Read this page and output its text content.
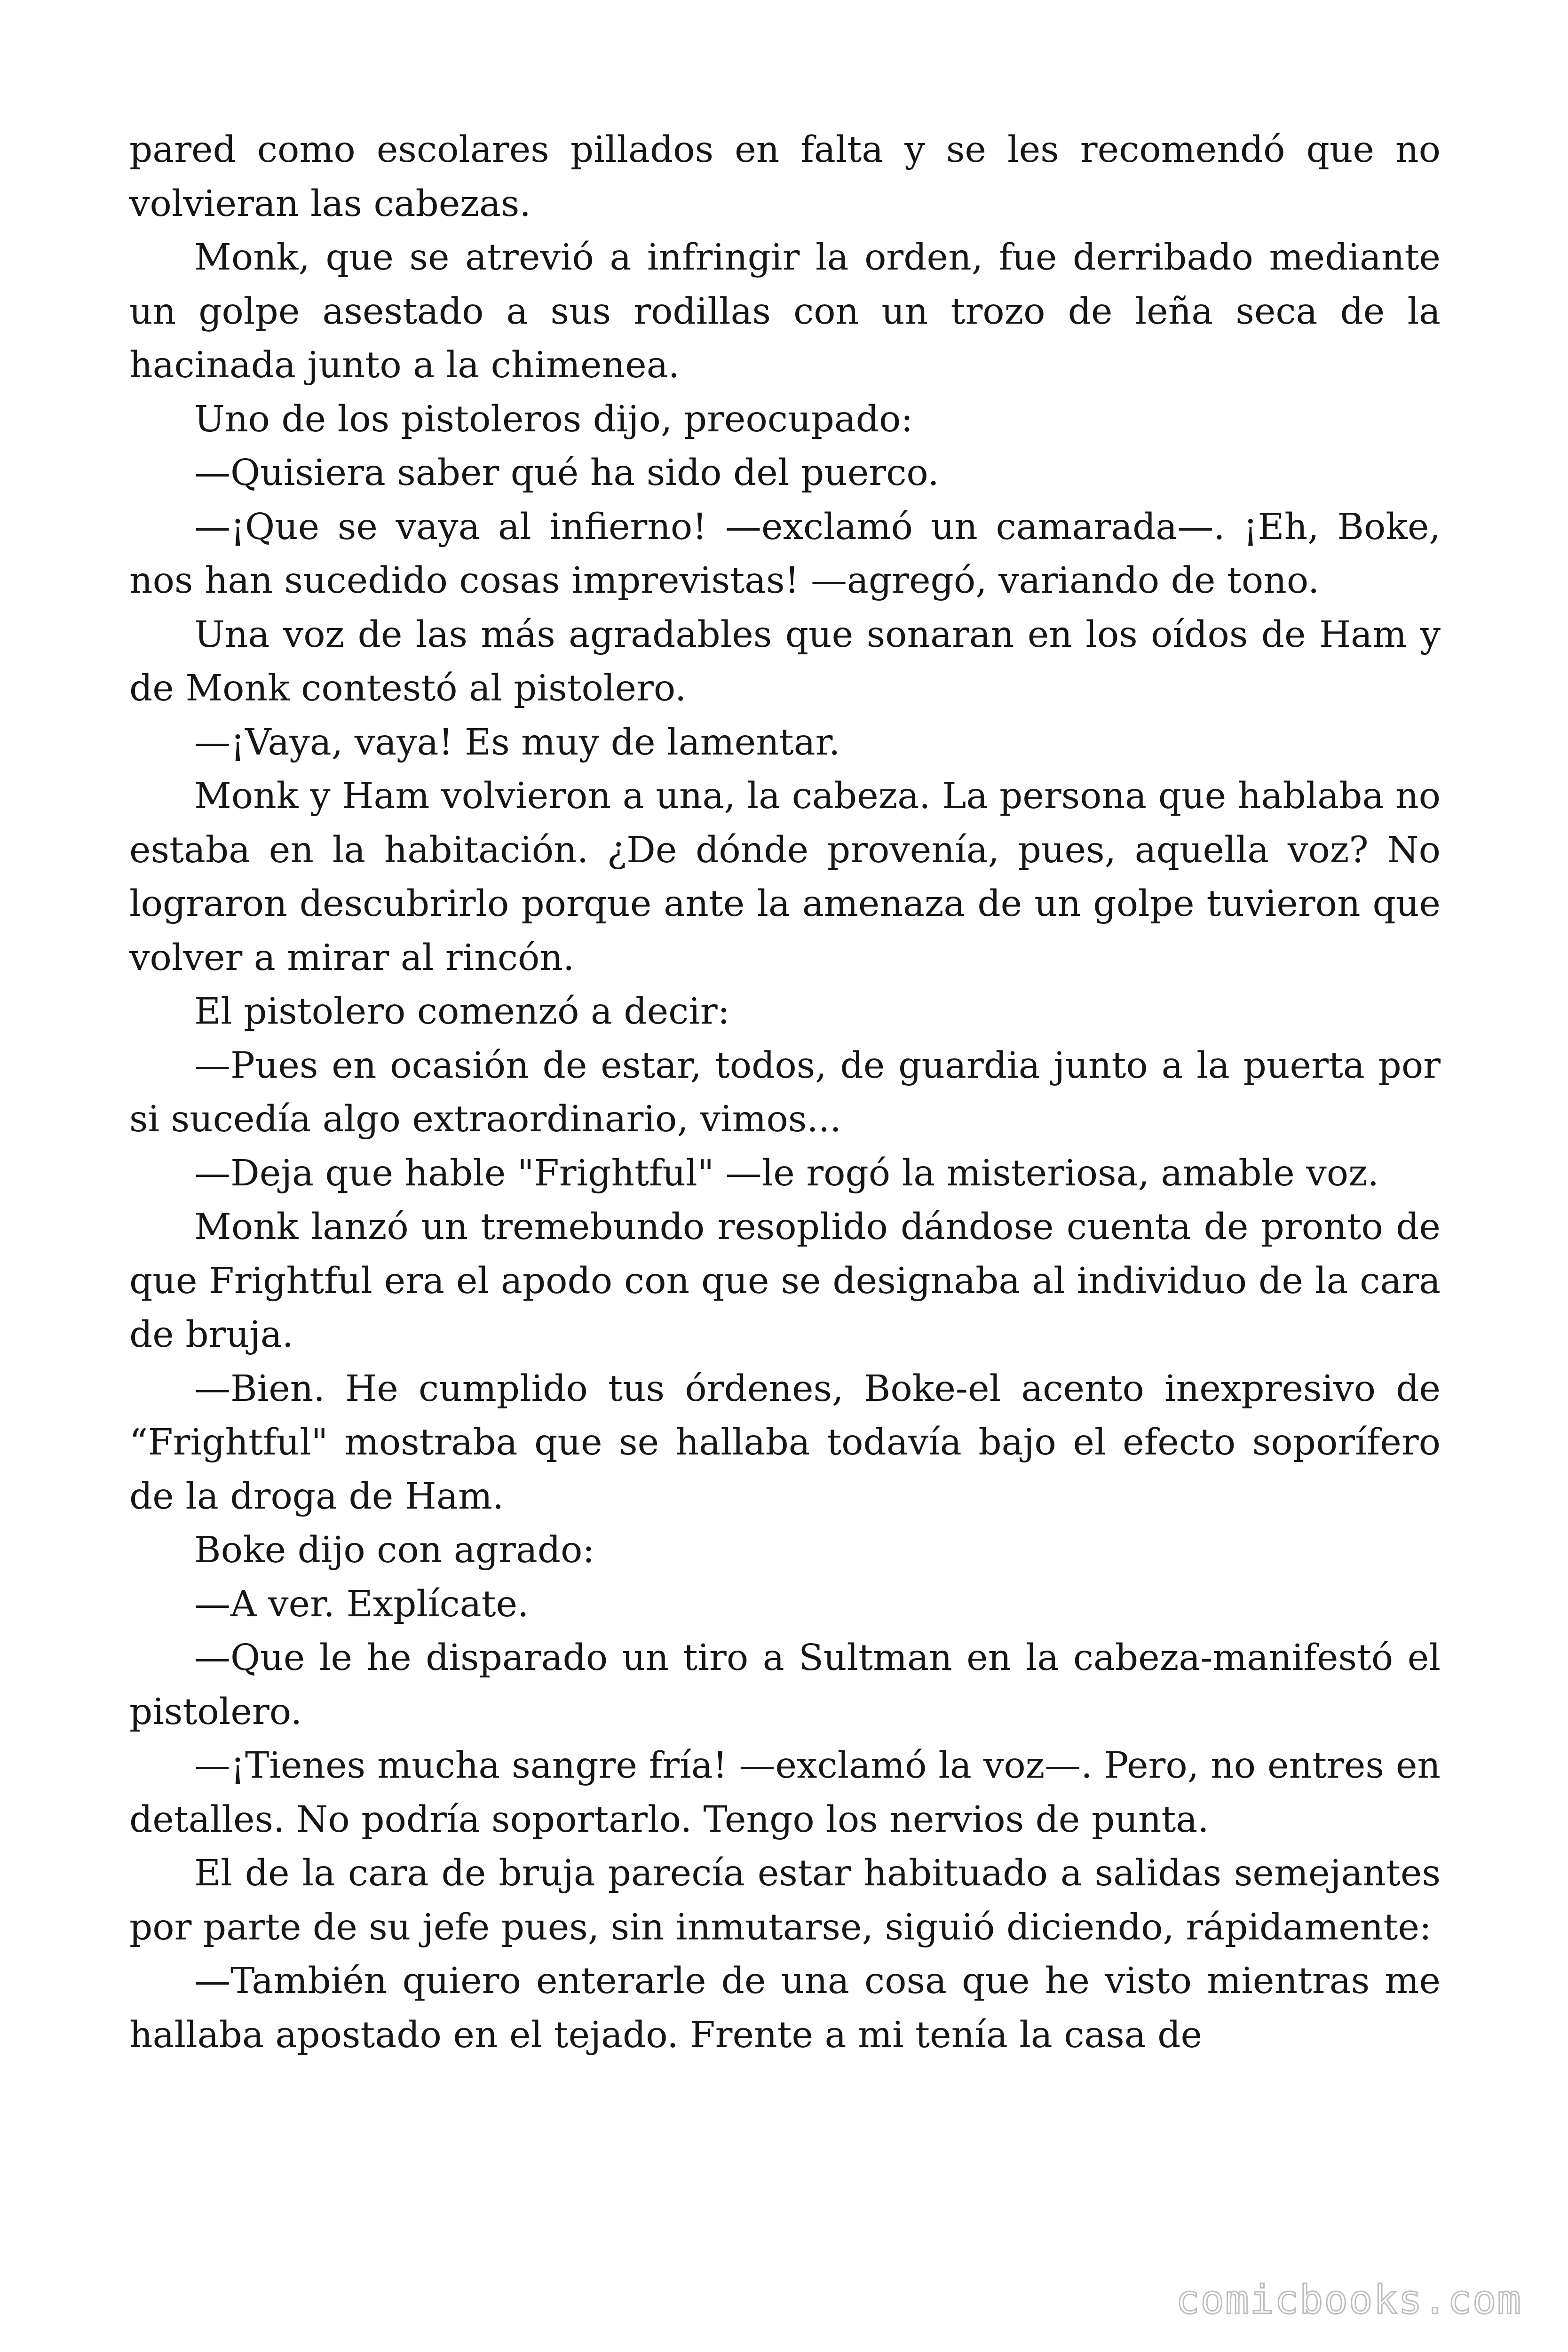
pared como escolares pillados en falta y se les recomendó que no volvieran las cabezas.

Monk, que se atrevió a infringir la orden, fue derribado mediante un golpe asestado a sus rodillas con un trozo de leña seca de la hacinada junto a la chimenea.

Uno de los pistoleros dijo, preocupado:

—Quisiera saber qué ha sido del puerco.

—¡Que se vaya al infierno! —exclamó un camarada—. ¡Eh, Boke, nos han sucedido cosas imprevistas! —agregó, variando de tono.

Una voz de las más agradables que sonaran en los oídos de Ham y de Monk contestó al pistolero.

—¡Vaya, vaya! Es muy de lamentar.

Monk y Ham volvieron a una, la cabeza. La persona que hablaba no estaba en la habitación. ¿De dónde provenía, pues, aquella voz? No lograron descubrirlo porque ante la amenaza de un golpe tuvieron que volver a mirar al rincón.

El pistolero comenzó a decir:

—Pues en ocasión de estar, todos, de guardia junto a la puerta por si sucedía algo extraordinario, vimos...

—Deja que hable "Frightful" —le rogó la misteriosa, amable voz.

Monk lanzó un tremebundo resoplido dándose cuenta de pronto de que Frightful era el apodo con que se designaba al individuo de la cara de bruja.

—Bien. He cumplido tus órdenes, Boke-el acento inexpresivo de “Frightful" mostraba que se hallaba todavía bajo el efecto soporífero de la droga de Ham.

Boke dijo con agrado:

—A ver. Explícate.

—Que le he disparado un tiro a Sultman en la cabeza-manifestó el pistolero.

—¡Tienes mucha sangre fría! —exclamó la voz—. Pero, no entres en detalles. No podría soportarlo. Tengo los nervios de punta.

El de la cara de bruja parecía estar habituado a salidas semejantes por parte de su jefe pues, sin inmutarse, siguió diciendo, rápidamente:

—También quiero enterarle de una cosa que he visto mientras me hallaba apostado en el tejado. Frente a mi tenía la casa de

comicbooks.com
